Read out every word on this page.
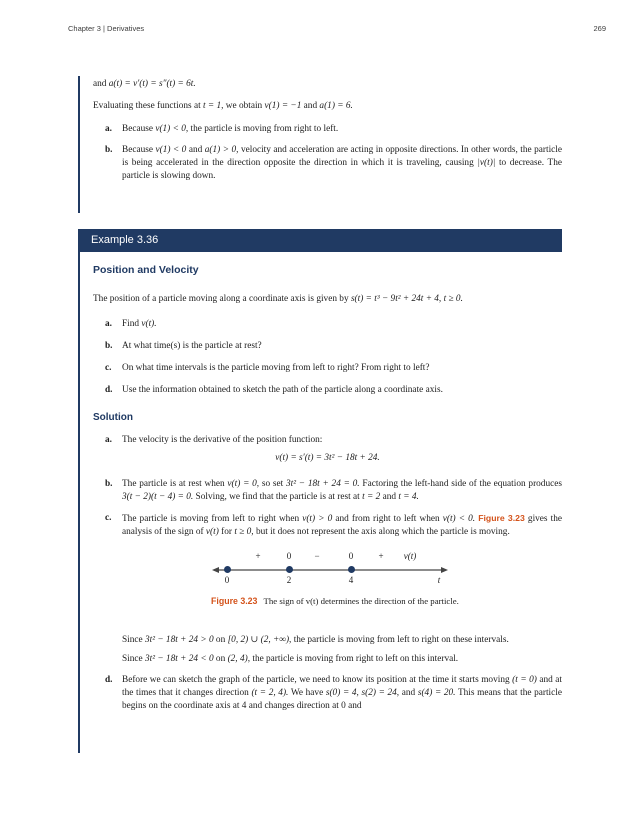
Chapter 3 | Derivatives	269

and a(t) = v′(t) = s″(t) = 6t.

Evaluating these functions at t = 1, we obtain v(1) = −1 and a(1) = 6.

a.	Because v(1) < 0, the particle is moving from right to left.
b.	Because v(1) < 0 and a(1) > 0, velocity and acceleration are acting in opposite directions. In other words, the particle is being accelerated in the direction opposite the direction in which it is traveling, causing |v(t)| to decrease. The particle is slowing down.
Example 3.36
Position and Velocity

The position of a particle moving along a coordinate axis is given by s(t) = t³ − 9t² + 24t + 4, t ≥ 0.

a.	Find v(t).
b.	At what time(s) is the particle at rest?
c.	On what time intervals is the particle moving from left to right? From right to left?
d.	Use the information obtained to sketch the path of the particle along a coordinate axis.
Solution
a.	The velocity is the derivative of the position function:
v(t) = s′(t) = 3t² − 18t + 24.
b.	The particle is at rest when v(t) = 0, so set 3t² − 18t + 24 = 0. Factoring the left-hand side of the equation produces 3(t − 2)(t − 4) = 0. Solving, we find that the particle is at rest at t = 2 and t = 4.
c.	The particle is moving from left to right when v(t) > 0 and from right to left when v(t) < 0. Figure 3.23 gives the analysis of the sign of v(t) for t ≥ 0, but it does not represent the axis along which the particle is moving.
+	0	−	0	+ v(t)
0	2	4	t

Figure 3.23 The sign of v(t) determines the direction of the particle.

Since 3t² − 18t + 24 > 0 on [0, 2) ∪ (2, +∞), the particle is moving from left to right on these intervals.
Since 3t² − 18t + 24 < 0 on (2, 4), the particle is moving from right to left on this interval.
d.	Before we can sketch the graph of the particle, we need to know its position at the time it starts moving (t = 0) and at the times that it changes direction (t = 2, 4). We have s(0) = 4, s(2) = 24, and s(4) = 20. This means that the particle begins on the coordinate axis at 4 and changes direction at 0 and
